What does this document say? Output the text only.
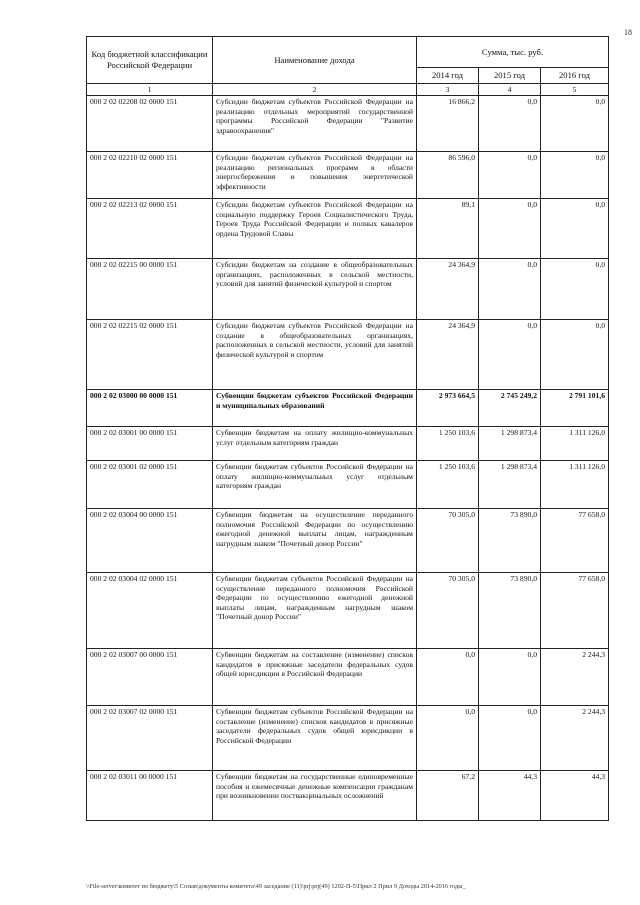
18
Код бюджетной классификации Российской Федерации	Наименование дохода	Сумма, тыс. руб.		
		2014 год	2015 год	2016 год
1	2	3	4	5
000 2 02 02208 02 0000 151	Субсидии бюджетам субъектов Российской Федерации на реализацию отдельных мероприятий государственной программы Российской Федерации "Развитие здравоохранения"	16 866,2	0,0	0,0
000 2 02 02210 02 0000 151	Субсидии бюджетам субъектов Российской Федерации на реализацию региональных программ в области энергосбережения и повышения энергетической эффективности	86 596,0	0,0	0,0
000 2 02 02213 02 0000 151	Субсидии бюджетам субъектов Российской Федерации на социальную поддержку Героев Социалистического Труда, Героев Труда Российской Федерации и полных кавалеров ордена Трудовой Славы	89,1	0,0	0,0
000 2 02 02215 00 0000 151	Субсидии бюджетам на создание в общеобразовательных организациях, расположенных в сельской местности, условий для занятий физической культурой и спортом	24 364,9	0,0	0,0
000 2 02 02215 02 0000 151	Субсидии бюджетам субъектов Российской Федерации на создание в общеобразовательных организациях, расположенных в сельской местности, условий для занятий физической культурой и спортом	24 364,9	0,0	0,0
000 2 02 03000 00 0000 151	Субвенции бюджетам субъектов Российской Федерации и муниципальных образований	2 973 664,5	2 745 249,2	2 791 101,6
000 2 02 03001 00 0000 151	Субвенции бюджетам на оплату жилищно-коммунальных услуг отдельным категориям граждан	1 250 103,6	1 298 873,4	1 311 126,0
000 2 02 03001 02 0000 151	Субвенции бюджетам субъектов Российской Федерации на оплату жилищно-коммунальных услуг отдельным категориям граждан	1 250 103,6	1 298 873,4	1 311 126,0
000 2 02 03004 00 0000 151	Субвенции бюджетам на осуществление переданного полномочия Российской Федерации по осуществлению ежегодной денежной выплаты лицам, награжденным нагрудным знаком "Почетный донор России"	70 305,0	73 890,0	77 658,0
000 2 02 03004 02 0000 151	Субвенции бюджетам субъектов Российской Федерации на осуществление переданного полномочия Российской Федерации по осуществлению ежегодной денежной выплаты лицам, награжденным нагрудным знаком "Почетный донор России"	70 305,0	73 890,0	77 658,0
000 2 02 03007 00 0000 151	Субвенции бюджетам на составление (изменение) списков кандидатов в присяжные заседатели федеральных судов общей юрисдикции в Российской Федерации	0,0	0,0	2 244,3
000 2 02 03007 02 0000 151	Субвенции бюджетам субъектов Российской Федерации на составление (изменение) списков кандидатов в присяжные заседатели федеральных судов общей юрисдикции в Российской Федерации	0,0	0,0	2 244,3
000 2 02 03011 00 0000 151	Субвенции бюджетам на государственные единовременные пособия и ежемесячные денежные компенсации гражданам при возникновении поствакцинальных осложнений	67,2	44,3	44,3
\\File-server\комитет по бюджету\5 Созыв\документы комитета\49 заседание (11)\prj\prj(49) 1292-П-5\Прил 2 Прил 9 Доходы 2014-2016 годы_
